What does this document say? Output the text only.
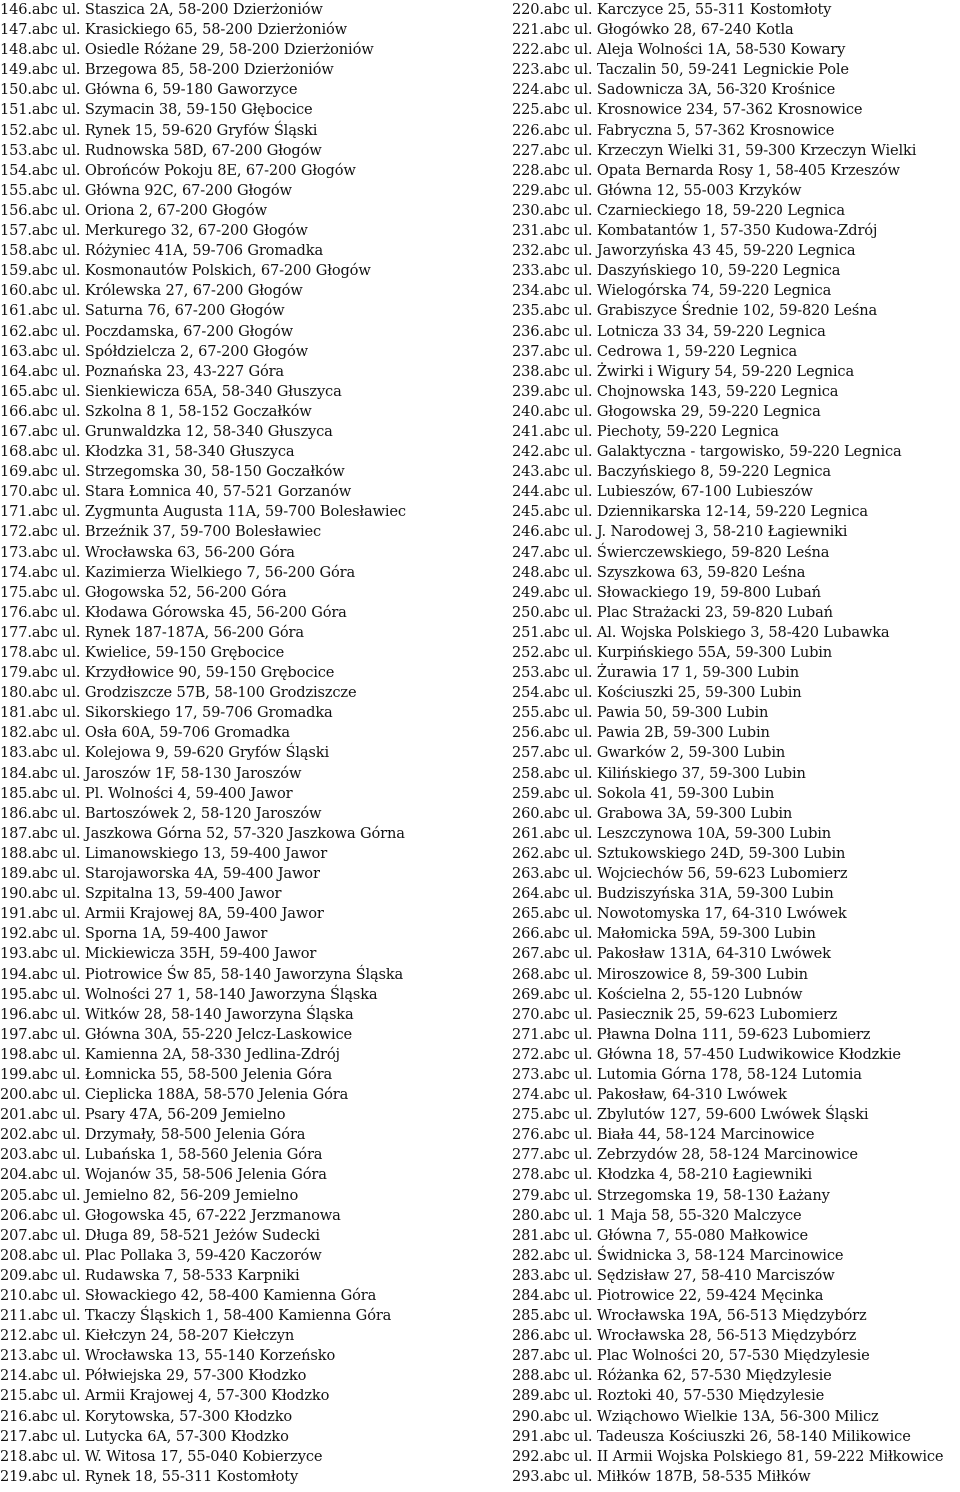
146.abc ul. Staszica 2A, 58-200 Dzierżoniów
147.abc ul. Krasickiego 65, 58-200 Dzierżoniów
148.abc ul. Osiedle Różane 29, 58-200 Dzierżoniów
149.abc ul. Brzegowa 85, 58-200 Dzierżoniów
150.abc ul. Główna 6, 59-180 Gaworzyce
151.abc ul. Szymacin 38, 59-150 Głębocice
152.abc ul. Rynek 15, 59-620 Gryfów Śląski
153.abc ul. Rudnowska 58D, 67-200 Głogów
154.abc ul. Obrońców Pokoju 8E, 67-200 Głogów
155.abc ul. Główna 92C, 67-200 Głogów
156.abc ul. Oriona 2, 67-200 Głogów
157.abc ul. Merkurego 32, 67-200 Głogów
158.abc ul. Różyniec 41A, 59-706 Gromadka
159.abc ul. Kosmonautów Polskich, 67-200 Głogów
160.abc ul. Królewska 27, 67-200 Głogów
161.abc ul. Saturna 76, 67-200 Głogów
162.abc ul. Poczdamska, 67-200 Głogów
163.abc ul. Spółdzielcza 2, 67-200 Głogów
164.abc ul. Poznańska 23, 43-227 Góra
165.abc ul. Sienkiewicza 65A, 58-340 Głuszyca
166.abc ul. Szkolna 8 1, 58-152 Goczałków
167.abc ul. Grunwaldzka 12, 58-340 Głuszyca
168.abc ul. Kłodzka 31, 58-340 Głuszyca
169.abc ul. Strzegomska 30, 58-150 Goczałków
170.abc ul. Stara Łomnica 40, 57-521 Gorzanów
171.abc ul. Zygmunta Augusta 11A, 59-700 Bolesławiec
172.abc ul. Brzeźnik 37, 59-700 Bolesławiec
173.abc ul. Wrocławska 63, 56-200 Góra
174.abc ul. Kazimierza Wielkiego 7, 56-200 Góra
175.abc ul. Głogowska 52, 56-200 Góra
176.abc ul. Kłodawa Górowska 45, 56-200 Góra
177.abc ul. Rynek 187-187A, 56-200 Góra
178.abc ul. Kwielice, 59-150 Grębocice
179.abc ul. Krzydłowice 90, 59-150 Grębocice
180.abc ul. Grodziszcze 57B, 58-100 Grodziszcze
181.abc ul. Sikorskiego 17, 59-706 Gromadka
182.abc ul. Osła 60A, 59-706 Gromadka
183.abc ul. Kolejowa 9, 59-620 Gryfów Śląski
184.abc ul. Jaroszów 1F, 58-130 Jaroszów
185.abc ul. Pl. Wolności 4, 59-400 Jawor
186.abc ul. Bartoszówek 2, 58-120 Jaroszów
187.abc ul. Jaszkowa Górna 52, 57-320 Jaszkowa Górna
188.abc ul. Limanowskiego 13, 59-400 Jawor
189.abc ul. Starojaworska 4A, 59-400 Jawor
190.abc ul. Szpitalna 13, 59-400 Jawor
191.abc ul. Armii Krajowej 8A, 59-400 Jawor
192.abc ul. Sporna 1A, 59-400 Jawor
193.abc ul. Mickiewicza 35H, 59-400 Jawor
194.abc ul. Piotrowice Św 85, 58-140 Jaworzyna Śląska
195.abc ul. Wolności 27 1, 58-140 Jaworzyna Śląska
196.abc ul. Witków 28, 58-140 Jaworzyna Śląska
197.abc ul. Główna 30A, 55-220 Jelcz-Laskowice
198.abc ul. Kamienna 2A, 58-330 Jedlina-Zdrój
199.abc ul. Łomnicka 55, 58-500 Jelenia Góra
200.abc ul. Cieplicka 188A, 58-570 Jelenia Góra
201.abc ul. Psary 47A, 56-209 Jemielno
202.abc ul. Drzymały, 58-500 Jelenia Góra
203.abc ul. Lubańska 1, 58-560 Jelenia Góra
204.abc ul. Wojanów 35, 58-506 Jelenia Góra
205.abc ul. Jemielno 82, 56-209 Jemielno
206.abc ul. Głogowska 45, 67-222 Jerzmanowa
207.abc ul. Długa 89, 58-521 Jeżów Sudecki
208.abc ul. Plac Pollaka 3, 59-420 Kaczorów
209.abc ul. Rudawska 7, 58-533 Karpniki
210.abc ul. Słowackiego 42, 58-400 Kamienna Góra
211.abc ul. Tkaczy Śląskich 1, 58-400 Kamienna Góra
212.abc ul. Kiełczyn 24, 58-207 Kiełczyn
213.abc ul. Wrocławska 13, 55-140 Korzeńsko
214.abc ul. Półwiejska 29, 57-300 Kłodzko
215.abc ul. Armii Krajowej 4, 57-300 Kłodzko
216.abc ul. Korytowska, 57-300 Kłodzko
217.abc ul. Lutycka 6A, 57-300 Kłodzko
218.abc ul. W. Witosa 17, 55-040 Kobierzyce
219.abc ul. Rynek 18, 55-311 Kostomłoty
220.abc ul. Karczyce 25, 55-311 Kostomłoty
221.abc ul. Głogówko 28, 67-240 Kotla
222.abc ul. Aleja Wolności 1A, 58-530 Kowary
223.abc ul. Taczalin 50, 59-241 Legnickie Pole
224.abc ul. Sadownicza 3A, 56-320 Krośnice
225.abc ul. Krosnowice 234, 57-362 Krosnowice
226.abc ul. Fabryczna 5, 57-362 Krosnowice
227.abc ul. Krzeczyn Wielki 31, 59-300 Krzeczyn Wielki
228.abc ul. Opata Bernarda Rosy 1, 58-405 Krzeszów
229.abc ul. Główna 12, 55-003 Krzyków
230.abc ul. Czarnieckiego 18, 59-220 Legnica
231.abc ul. Kombatantów 1, 57-350 Kudowa-Zdrój
232.abc ul. Jaworzyńska 43 45, 59-220 Legnica
233.abc ul. Daszyńskiego 10, 59-220 Legnica
234.abc ul. Wielogórska 74, 59-220 Legnica
235.abc ul. Grabiszyce Średnie 102, 59-820 Leśna
236.abc ul. Lotnicza 33 34, 59-220 Legnica
237.abc ul. Cedrowa 1, 59-220 Legnica
238.abc ul. Żwirki i Wigury 54, 59-220 Legnica
239.abc ul. Chojnowska 143, 59-220 Legnica
240.abc ul. Głogowska 29, 59-220 Legnica
241.abc ul. Piechoty, 59-220 Legnica
242.abc ul. Galaktyczna - targowisko, 59-220 Legnica
243.abc ul. Baczyńskiego 8, 59-220 Legnica
244.abc ul. Lubieszów, 67-100 Lubieszów
245.abc ul. Dziennikarska 12-14, 59-220 Legnica
246.abc ul. J. Narodowej 3, 58-210 Łagiewniki
247.abc ul. Świerczewskiego, 59-820 Leśna
248.abc ul. Szyszkowa 63, 59-820 Leśna
249.abc ul. Słowackiego 19, 59-800 Lubań
250.abc ul. Plac Strażacki 23, 59-820 Lubań
251.abc ul. Al. Wojska Polskiego 3, 58-420 Lubawka
252.abc ul. Kurpińskiego 55A, 59-300 Lubin
253.abc ul. Żurawia 17 1, 59-300 Lubin
254.abc ul. Kościuszki 25, 59-300 Lubin
255.abc ul. Pawia 50, 59-300 Lubin
256.abc ul. Pawia 2B, 59-300 Lubin
257.abc ul. Gwarków 2, 59-300 Lubin
258.abc ul. Kilińskiego 37, 59-300 Lubin
259.abc ul. Sokola 41, 59-300 Lubin
260.abc ul. Grabowa 3A, 59-300 Lubin
261.abc ul. Leszczynowa 10A, 59-300 Lubin
262.abc ul. Sztukowskiego 24D, 59-300 Lubin
263.abc ul. Wojciechów 56, 59-623 Lubomierz
264.abc ul. Budziszyńska 31A, 59-300 Lubin
265.abc ul. Nowotomyska 17, 64-310 Lwówek
266.abc ul. Małomicka 59A, 59-300 Lubin
267.abc ul. Pakosław 131A, 64-310 Lwówek
268.abc ul. Miroszowice 8, 59-300 Lubin
269.abc ul. Kościelna 2, 55-120 Lubnów
270.abc ul. Pasiecznik 25, 59-623 Lubomierz
271.abc ul. Pławna Dolna 111, 59-623 Lubomierz
272.abc ul. Główna 18, 57-450 Ludwikowice Kłodzkie
273.abc ul. Lutomia Górna 178, 58-124 Lutomia
274.abc ul. Pakosław, 64-310 Lwówek
275.abc ul. Zbylutów 127, 59-600 Lwówek Śląski
276.abc ul. Biała 44, 58-124 Marcinowice
277.abc ul. Zebrzydów 28, 58-124 Marcinowice
278.abc ul. Kłodzka 4, 58-210 Łagiewniki
279.abc ul. Strzegomska 19, 58-130 Łażany
280.abc ul. 1 Maja 58, 55-320 Malczyce
281.abc ul. Główna 7, 55-080 Małkowice
282.abc ul. Świdnicka 3, 58-124 Marcinowice
283.abc ul. Sędzisław 27, 58-410 Marciszów
284.abc ul. Piotrowice 22, 59-424 Męcinka
285.abc ul. Wrocławska 19A, 56-513 Międzybórz
286.abc ul. Wrocławska 28, 56-513 Międzybórz
287.abc ul. Plac Wolności 20, 57-530 Międzylesie
288.abc ul. Różanka 62, 57-530 Międzylesie
289.abc ul. Roztoki 40, 57-530 Międzylesie
290.abc ul. Wziąchowo Wielkie 13A, 56-300 Milicz
291.abc ul. Tadeusza Kościuszki 26, 58-140 Milikowice
292.abc ul. II Armii Wojska Polskiego 81, 59-222 Miłkowice
293.abc ul. Miłków 187B, 58-535 Miłków
